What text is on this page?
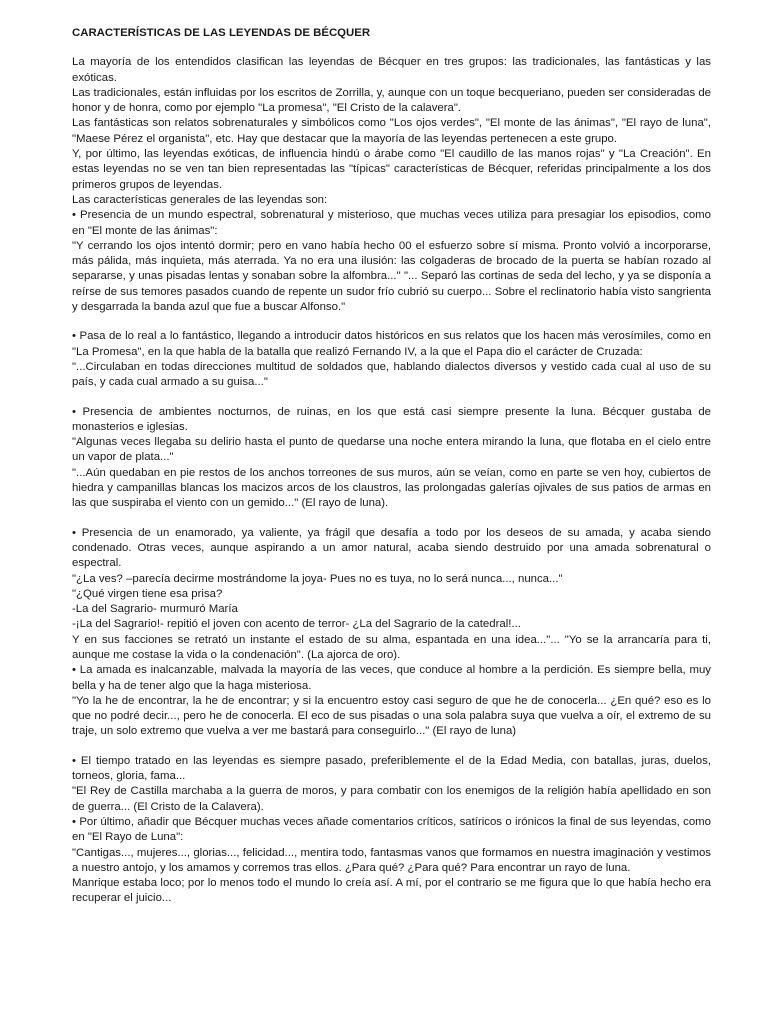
CARACTERÍSTICAS DE LAS LEYENDAS DE BÉCQUER
La mayoría de los entendidos clasifican las leyendas de Bécquer en tres grupos: las tradicionales, las fantásticas y las exóticas.
Las tradicionales, están influidas por los escritos de Zorrilla, y, aunque con un toque becqueriano, pueden ser consideradas de honor y de honra, como por ejemplo "La promesa", "El Cristo de la calavera".
Las fantásticas son relatos sobrenaturales y simbólicos como "Los ojos verdes", "El monte de las ánimas", "El rayo de luna", "Maese Pérez el organista", etc. Hay que destacar que la mayoría de las leyendas pertenecen a este grupo.
Y, por último, las leyendas exóticas, de influencia hindú o árabe como "El caudillo de las manos rojas" y "La Creación". En estas leyendas no se ven tan bien representadas las "típicas" características de Bécquer, referidas principalmente a los dos primeros grupos de leyendas.
Las características generales de las leyendas son:
• Presencia de un mundo espectral, sobrenatural y misterioso, que muchas veces utiliza para presagiar los episodios, como en "El monte de las ánimas":
"Y cerrando los ojos intentó dormir; pero en vano había hecho 00 el esfuerzo sobre sí misma. Pronto volvió a incorporarse, más pálida, más inquieta, más aterrada. Ya no era una ilusión: las colgaderas de brocado de la puerta se habían rozado al separarse, y unas pisadas lentas y sonaban sobre la alfombra..." "... Separó las cortinas de seda del lecho, y ya se disponía a reírse de sus temores pasados cuando de repente un sudor frío cubrió su cuerpo... Sobre el reclinatorio había visto sangrienta y desgarrada la banda azul que fue a buscar Alfonso."
• Pasa de lo real a lo fantástico, llegando a introducir datos históricos en sus relatos que los hacen más verosímiles, como en "La Promesa", en la que habla de la batalla que realizó Fernando IV, a la que el Papa dio el carácter de Cruzada:
"...Circulaban en todas direcciones multitud de soldados que, hablando dialectos diversos y vestido cada cual al uso de su país, y cada cual armado a su guisa..."
• Presencia de ambientes nocturnos, de ruinas, en los que está casi siempre presente la luna. Bécquer gustaba de monasterios e iglesias.
"Algunas veces llegaba su delirio hasta el punto de quedarse una noche entera mirando la luna, que flotaba en el cielo entre un vapor de plata..."
"...Aún quedaban en pie restos de los anchos torreones de sus muros, aún se veían, como en parte se ven hoy, cubiertos de hiedra y campanillas blancas los macizos arcos de los claustros, las prolongadas galerías ojivales de sus patios de armas en las que suspiraba el viento con un gemido..." (El rayo de luna).
• Presencia de un enamorado, ya valiente, ya frágil que desafía a todo por los deseos de su amada, y acaba siendo condenado. Otras veces, aunque aspirando a un amor natural, acaba siendo destruido por una amada sobrenatural o espectral.
"¿La ves? –parecía decirme mostrándome la joya- Pues no es tuya, no lo será nunca..., nunca..."
"¿Qué virgen tiene esa prisa?
-La del Sagrario- murmuró María
-¡La del Sagrario!- repitió el joven con acento de terror- ¿La del Sagrario de la catedral!...
Y en sus facciones se retrató un instante el estado de su alma, espantada en una idea..."... "Yo se la arrancaría para ti, aunque me costase la vida o la condenación". (La ajorca de oro).
• La amada es inalcanzable, malvada la mayoría de las veces, que conduce al hombre a la perdición. Es siempre bella, muy bella y ha de tener algo que la haga misteriosa.
"Yo la he de encontrar, la he de encontrar; y si la encuentro estoy casi seguro de que he de conocerla... ¿En qué? eso es lo que no podré decir..., pero he de conocerla. El eco de sus pisadas o una sola palabra suya que vuelva a oír, el extremo de su traje, un solo extremo que vuelva a ver me bastará para conseguirlo..." (El rayo de luna)
• El tiempo tratado en las leyendas es siempre pasado, preferiblemente el de la Edad Media, con batallas, juras, duelos, torneos, gloria, fama...
"El Rey de Castilla marchaba a la guerra de moros, y para combatir con los enemigos de la religión había apellidado en son de guerra... (El Cristo de la Calavera).
• Por último, añadir que Bécquer muchas veces añade comentarios críticos, satíricos o irónicos la final de sus leyendas, como en "El Rayo de Luna":
"Cantigas..., mujeres..., glorias..., felicidad..., mentira todo, fantasmas vanos que formamos en nuestra imaginación y vestimos a nuestro antojo, y los amamos y corremos tras ellos. ¿Para qué? ¿Para qué? Para encontrar un rayo de luna.
Manrique estaba loco; por lo menos todo el mundo lo creía así. A mí, por el contrario se me figura que lo que había hecho era recuperar el juicio...
